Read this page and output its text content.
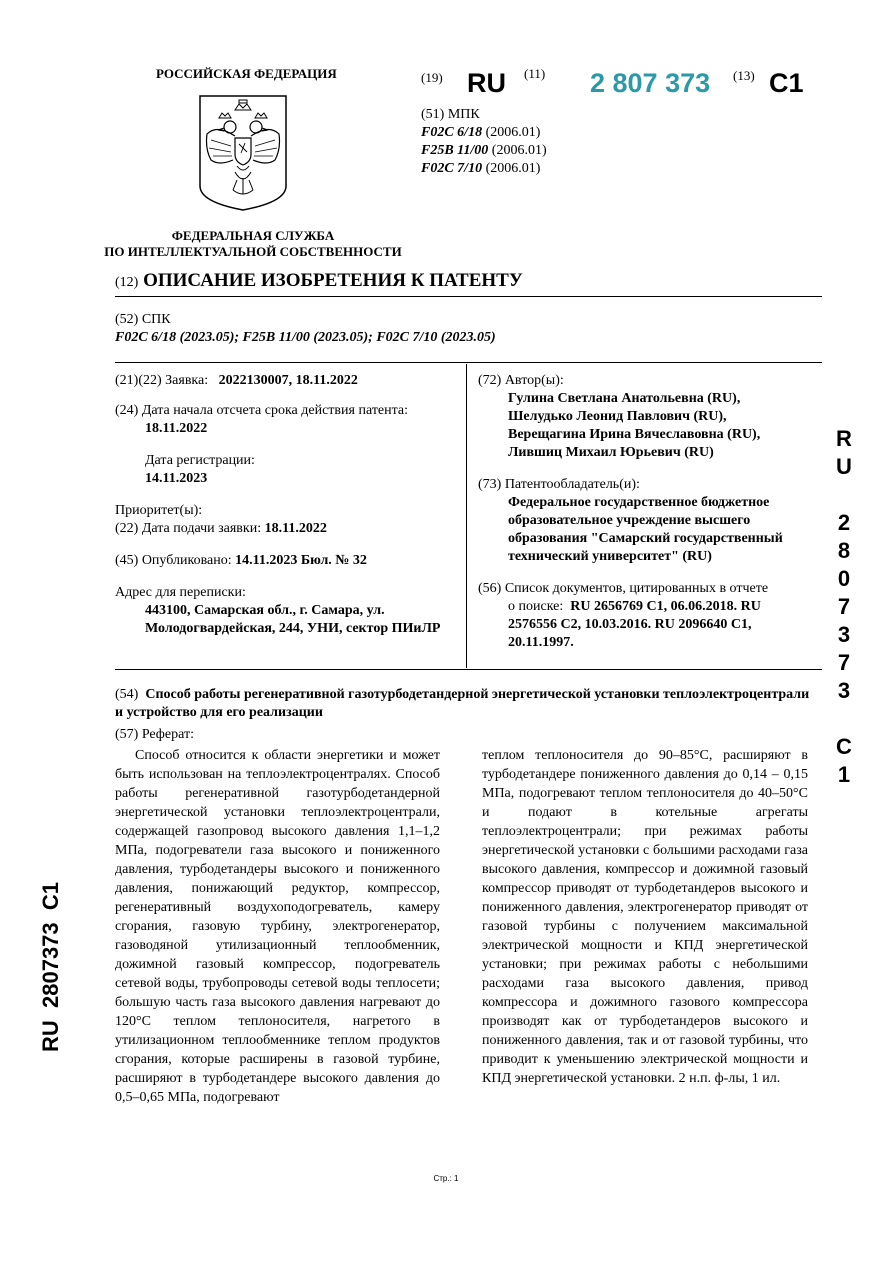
РОССИЙСКАЯ ФЕДЕРАЦИЯ
ФЕДЕРАЛЬНАЯ СЛУЖБА
ПО ИНТЕЛЛЕКТУАЛЬНОЙ СОБСТВЕННОСТИ
(19) RU (11) 2 807 373 (13) C1
(51) МПК
F02C 6/18 (2006.01)
F25B 11/00 (2006.01)
F02C 7/10 (2006.01)
(12) ОПИСАНИЕ ИЗОБРЕТЕНИЯ К ПАТЕНТУ
(52) СПК
F02C 6/18 (2023.05); F25B 11/00 (2023.05); F02C 7/10 (2023.05)

(21)(22) Заявка: 2022130007, 18.11.2022

(24) Дата начала отсчета срока действия патента:

18.11.2022

Дата регистрации:

14.11.2023

Приоритет(ы):

(22) Дата подачи заявки: 18.11.2022

(45) Опубликовано: 14.11.2023 Бюл. № 32

Адрес для переписки:

443100, Самарская обл., г. Самара, ул.

Молодогвардейская, 244, УНИ, сектор ПИиЛР

(72) Автор(ы):

Гулина Светлана Анатольевна (RU),

Шелудько Леонид Павлович (RU),

Верещагина Ирина Вячеславовна (RU),

Лившиц Михаил Юрьевич (RU)

(73) Патентообладатель(и):

Федеральное государственное бюджетное

образовательное учреждение высшего

образования "Самарский государственный

технический университет" (RU)

(56) Список документов, цитированных в отчете

о поиске: RU 2656769 C1, 06.06.2018. RU

2576556 C2, 10.03.2016. RU 2096640 C1,

20.11.1997.

(54) Способ работы регенеративной газотурбодетандерной энергетической установки теплоэлектроцентрали и устройство для его реализации
(57) Реферат:
Способ относится к области энергетики и может быть использован на теплоэлектроцентралях. Способ работы регенеративной газотурбодетандерной энергетической установки теплоэлектроцентрали, содержащей газопровод высокого давления 1,1–1,2 МПа, подогреватели газа высокого и пониженного давления, турбодетандеры высокого и пониженного давления, понижающий редуктор, компрессор, регенеративный воздухоподогреватель, камеру сгорания, газовую турбину, электрогенератор, газоводяной утилизационный теплообменник, дожимной газовый компрессор, подогреватель сетевой воды, трубопроводы сетевой воды теплосети; большую часть газа высокого давления нагревают до 120°C теплом теплоносителя, нагретого в утилизационном теплообменнике теплом продуктов сгорания, которые расширены в газовой турбине, расширяют в турбодетандере высокого давления до 0,5–0,65 МПа, подогревают
теплом теплоносителя до 90–85°C, расширяют в турбодетандере пониженного давления до 0,14 – 0,15 МПа, подогревают теплом теплоносителя до 40–50°C и подают в котельные агрегаты теплоэлектроцентрали; при режимах работы энергетической установки с большими расходами газа высокого давления, компрессор и дожимной газовый компрессор приводят от турбодетандеров высокого и пониженного давления, электрогенератор приводят от газовой турбины с получением максимальной электрической мощности и КПД энергетической установки; при режимах работы с небольшими расходами газа высокого давления, привод компрессора и дожимного газового компрессора производят как от турбодетандеров высокого и пониженного давления, так и от газовой турбины, что приводит к уменьшению электрической мощности и КПД энергетической установки. 2 н.п. ф-лы, 1 ил.
R
U
2
8
0
7
3
7
3
C
1
RU  2807373  C1
Стр.: 1
